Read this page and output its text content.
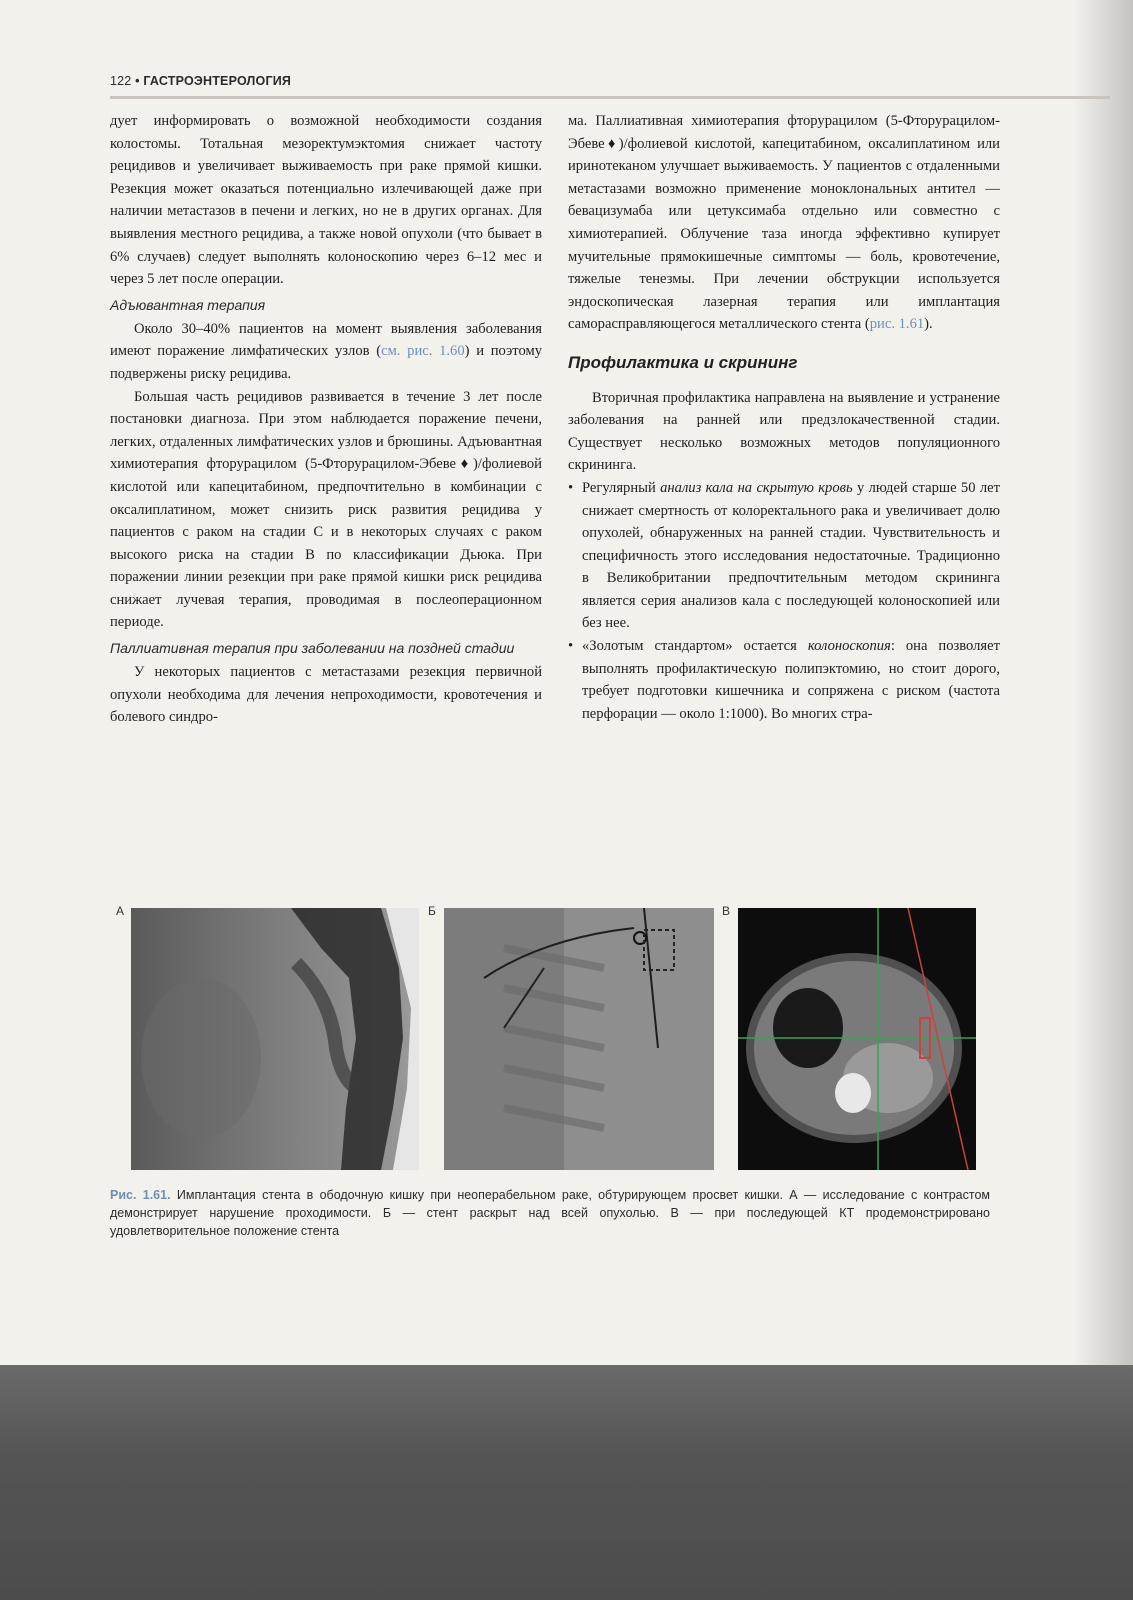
122 • ГАСТРОЭНТЕРОЛОГИЯ

дует информировать о возможной необходимости создания колостомы. Тотальная мезоректумэктомия снижает частоту рецидивов и увеличивает выживаемость при раке прямой кишки. Резекция может оказаться потенциально излечивающей даже при наличии метастазов в печени и легких, но не в других органах. Для выявления местного рецидива, а также новой опухоли (что бывает в 6% случаев) следует выполнять колоноскопию через 6–12 мес и через 5 лет после операции.

Адъювантная терапия

Около 30–40% пациентов на момент выявления заболевания имеют поражение лимфатических узлов (см. рис. 1.60) и поэтому подвержены риску рецидива.

Большая часть рецидивов развивается в течение 3 лет после постановки диагноза. При этом наблюдается поражение печени, легких, отдаленных лимфатических узлов и брюшины. Адъювантная химиотерапия фторурацилом (5-Фторурацилом-Эбеве♦)/фолиевой кислотой или капецитабином, предпочтительно в комбинации с оксалиплатином, может снизить риск развития рецидива у пациентов с раком на стадии С и в некоторых случаях с раком высокого риска на стадии В по классификации Дьюка. При поражении линии резекции при раке прямой кишки риск рецидива снижает лучевая терапия, проводимая в послеоперационном периоде.

Паллиативная терапия при заболевании на поздней стадии

У некоторых пациентов с метастазами резекция первичной опухоли необходима для лечения непроходимости, кровотечения и болевого синдро-

ма. Паллиативная химиотерапия фторурацилом (5-Фторурацилом-Эбеве♦)/фолиевой кислотой, капецитабином, оксалиплатином или иринотеканом улучшает выживаемость. У пациентов с отдаленными метастазами возможно применение моноклональных антител — бевацизумаба или цетуксимаба отдельно или совместно с химиотерапией. Облучение таза иногда эффективно купирует мучительные прямокишечные симптомы — боль, кровотечение, тяжелые тенезмы. При лечении обструкции используется эндоскопическая лазерная терапия или имплантация саморасправляющегося металлического стента (рис. 1.61).

Профилактика и скрининг

Вторичная профилактика направлена на выявление и устранение заболевания на ранней или предзлокачественной стадии. Существует несколько возможных методов популяционного скрининга.

• Регулярный анализ кала на скрытую кровь у людей старше 50 лет снижает смертность от колоректального рака и увеличивает долю опухолей, обнаруженных на ранней стадии. Чувствительность и специфичность этого исследования недостаточные. Традиционно в Великобритании предпочтительным методом скрининга является серия анализов кала с последующей колоноскопией или без нее.

• «Золотым стандартом» остается колоноскопия: она позволяет выполнять профилактическую полипэктомию, но стоит дорого, требует подготовки кишечника и сопряжена с риском (частота перфорации — около 1:1000). Во многих стра-

А	Б	В
Рис. 1.61. Имплантация стента в ободочную кишку при неоперабельном раке, обтурирующем просвет кишки. А — исследование с контрастом демонстрирует нарушение проходимости. Б — стент раскрыт над всей опухолью. В — при последующей КТ продемонстрировано удовлетворительное положение стента
